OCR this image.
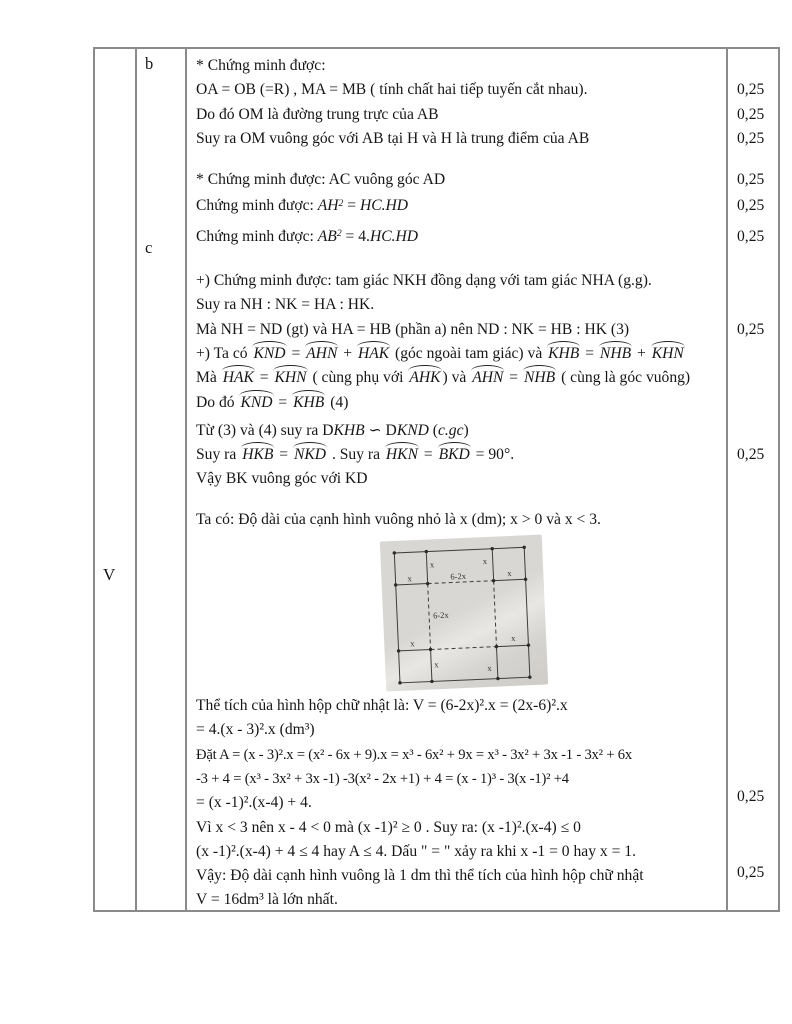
V
b
c
* Chứng minh được:
OA = OB (=R) , MA = MB ( tính chất hai tiếp tuyến cắt nhau).
Do đó OM là đường trung trực của AB
Suy ra OM vuông góc với AB tại H và H là trung điểm của AB
* Chứng minh được: AC vuông góc AD
Chứng minh được: $AH^2 = HC.HD$
Chứng minh được: $AB^2 = 4.HC.HD$
+) Chứng minh được: tam giác NKH đồng dạng với tam giác NHA (g.g).
Suy ra NH : NK = HA : HK.
Mà NH = ND (gt) và HA = HB (phần a) nên ND : NK = HB : HK (3)
+) Ta có KND = AHN + HAK (góc ngoài tam giác) và KHB = NHB + KHN
Mà HAK = KHN ( cùng phụ với AHK ) và AHN = NHB ( cùng là góc vuông)
Do đó KND = KHB (4)
Từ (3) và (4) suy ra DKHB ∽ DKND (c.gc)
Suy ra HKB = NKD . Suy ra HKN = BKD = 90°.
Vậy BK vuông góc với KD
Ta có: Độ dài của cạnh hình vuông nhỏ là x (dm); x > 0 và x < 3.
x	x
x
x
6-2x
6-2x
x
x
x	x
Thể tích của hình hộp chữ nhật là: V = (6-2x)².x = (2x-6)².x
= 4.(x - 3)².x (dm³)
Đặt A = (x - 3)².x = (x² - 6x + 9).x = x³ - 6x² + 9x = x³ - 3x² + 3x -1 - 3x² + 6x
-3 + 4 = (x³ - 3x² + 3x -1) -3(x² - 2x +1) + 4 = (x - 1)³ - 3(x -1)² +4
= (x -1)².(x-4) + 4.
Vì x < 3 nên x - 4 < 0 mà (x -1)² ≥ 0 . Suy ra: (x -1)².(x-4) ≤ 0
(x -1)².(x-4) + 4 ≤ 4 hay A ≤ 4. Dấu " = " xảy ra khi x -1 = 0 hay x = 1.
Vậy: Độ dài cạnh hình vuông là 1 dm thì thể tích của hình hộp chữ nhật
V = 16dm³ là lớn nhất.
0,25
0,25
0,25
0,25
0,25
0,25
0,25
0,25
0,25
0,25
